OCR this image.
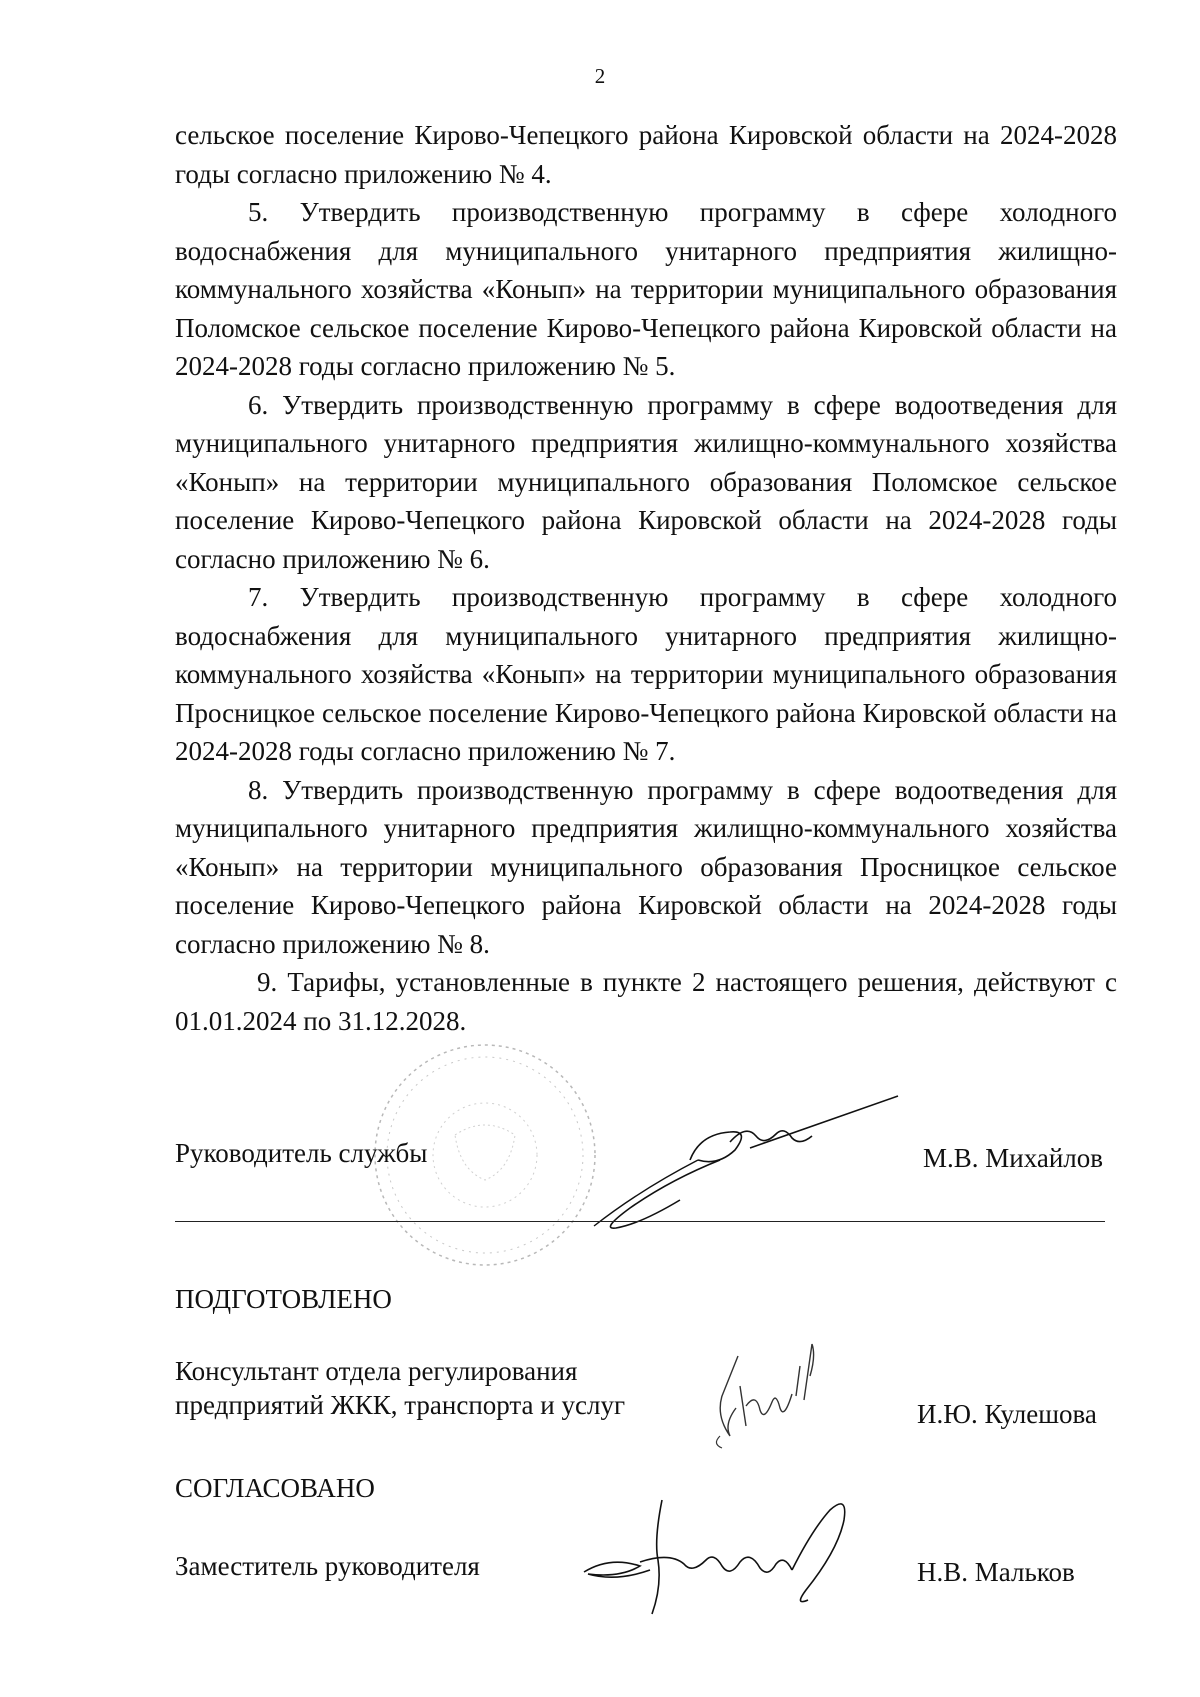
2

сельское поселение Кирово-Чепецкого района Кировской области на 2024-2028 годы согласно приложению № 4.

5. Утвердить производственную программу в сфере холодного водоснабжения для муниципального унитарного предприятия жилищно-коммунального хозяйства «Конып» на территории муниципального образования Поломское сельское поселение Кирово-Чепецкого района Кировской области на 2024-2028 годы согласно приложению № 5.

6. Утвердить производственную программу в сфере водоотведения для муниципального унитарного предприятия жилищно-коммунального хозяйства «Конып» на территории муниципального образования Поломское сельское поселение Кирово-Чепецкого района Кировской области на 2024-2028 годы согласно приложению № 6.

7. Утвердить производственную программу в сфере холодного водоснабжения для муниципального унитарного предприятия жилищно-коммунального хозяйства «Конып» на территории муниципального образования Просницкое сельское поселение Кирово-Чепецкого района Кировской области на 2024-2028 годы согласно приложению № 7.

8. Утвердить производственную программу в сфере водоотведения для муниципального унитарного предприятия жилищно-коммунального хозяйства «Конып» на территории муниципального образования Просницкое сельское поселение Кирово-Чепецкого района Кировской области на 2024-2028 годы согласно приложению № 8.

9. Тарифы, установленные в пункте 2 настоящего решения, действуют с 01.01.2024 по 31.12.2028.

Руководитель службы	М.В. Михайлов
ПОДГОТОВЛЕНО
Консультант отдела регулирования
предприятий ЖКК, транспорта и услуг	И.Ю. Кулешова
СОГЛАСОВАНО
Заместитель руководителя	Н.В. Мальков
